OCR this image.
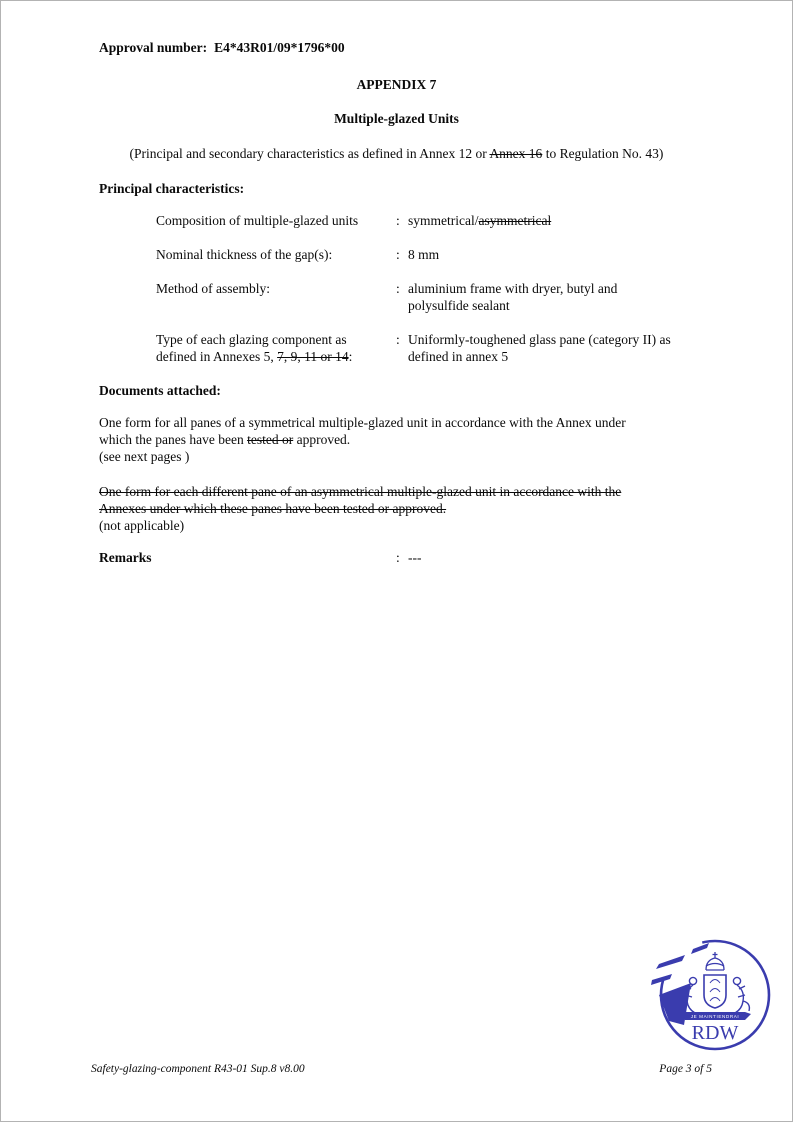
Approval number: E4*43R01/09*1796*00
APPENDIX 7
Multiple-glazed Units
(Principal and secondary characteristics as defined in Annex 12 or Annex 16 to Regulation No. 43)
Principal characteristics:
Composition of multiple-glazed units	: symmetrical/asymmetrical
Nominal thickness of the gap(s):	: 8 mm
Method of assembly:	: aluminium frame with dryer, butyl and
polysulfide sealant
Type of each glazing component as
defined in Annexes 5, 7, 9, 11 or 14:
: Uniformly-toughened glass pane (category II) as
defined in annex 5
Documents attached:
One form for all panes of a symmetrical multiple-glazed unit in accordance with the Annex under
which the panes have been tested or approved.
(see next pages )
One form for each different pane of an asymmetrical multiple-glazed unit in accordance with the
Annexes under which these panes have been tested or approved.
(not applicable)
Remarks	: ---
JE MAINTIENDRAI
RDW
Safety-glazing-component R43-01 Sup.8 v8.00	Page 3 of 5
